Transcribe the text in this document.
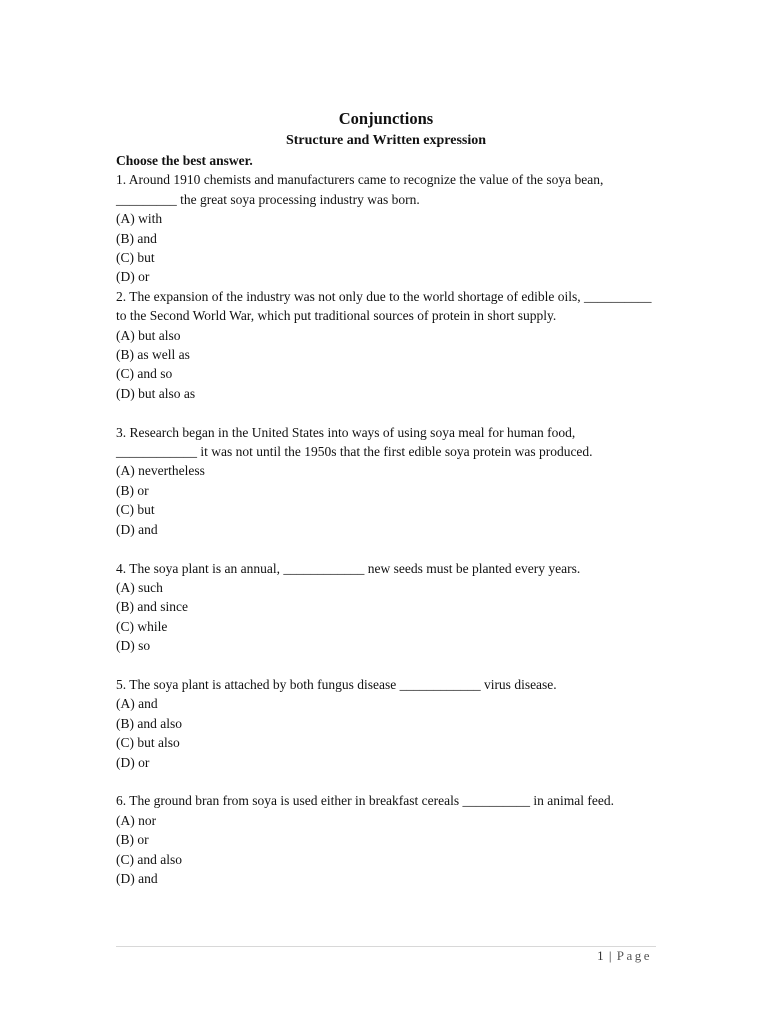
Conjunctions

Structure and Written expression

Choose the best answer.

1. Around 1910 chemists and manufacturers came to recognize the value of the soya bean, _________ the great soya processing industry was born.

(A) with

(B) and

(C) but

(D) or

2. The expansion of the industry was not only due to the world shortage of edible oils, __________ to the Second World War, which put traditional sources of protein in short supply.

(A) but also

(B) as well as

(C) and so

(D) but also as

3. Research began in the United States into ways of using soya meal for human food, ____________ it was not until the 1950s that the first edible soya protein was produced.

(A) nevertheless

(B) or

(C) but

(D) and

4. The soya plant is an annual, ____________ new seeds must be planted every years.

(A) such

(B) and since

(C) while

(D) so

5. The soya plant is attached by both fungus disease ____________ virus disease.

(A) and

(B) and also

(C) but also

(D) or

6. The ground bran from soya is used either in breakfast cereals __________ in animal feed.

(A) nor

(B) or

(C) and also

(D) and

1 | Page
